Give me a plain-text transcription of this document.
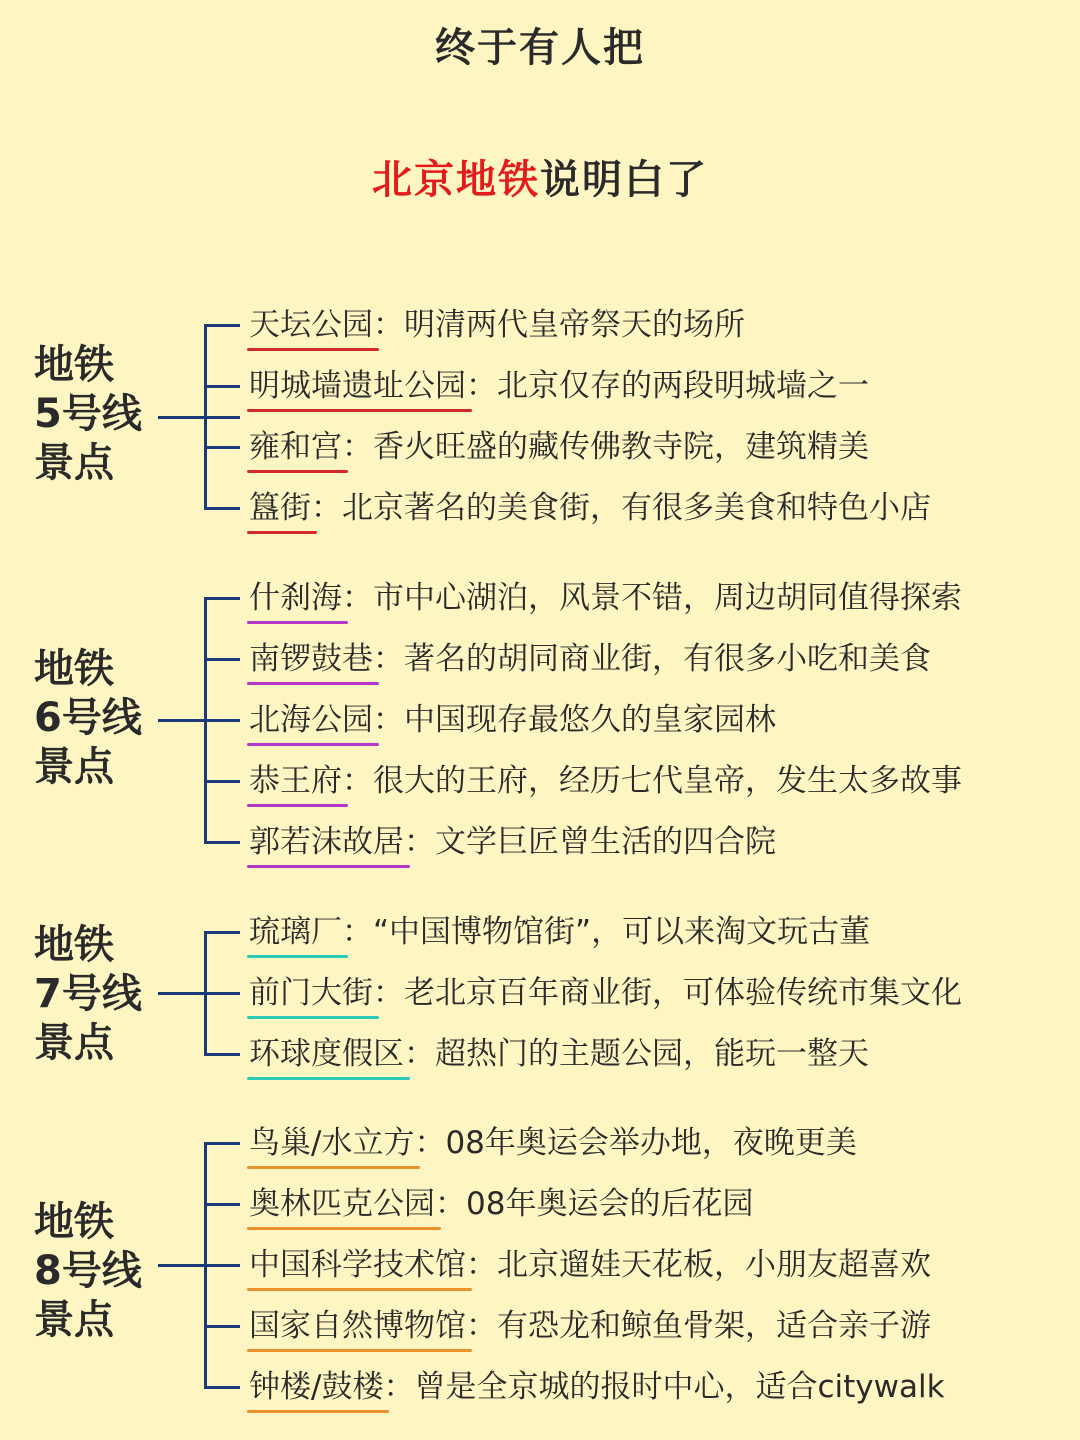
终于有人把
北京地铁说明白了
地铁
5号线
景点
天坛公园：明清两代皇帝祭天的场所
明城墙遗址公园：北京仅存的两段明城墙之一
雍和宫：香火旺盛的藏传佛教寺院，建筑精美
簋街：北京著名的美食街，有很多美食和特色小店
地铁
6号线
景点
什刹海：市中心湖泊，风景不错，周边胡同值得探索
南锣鼓巷：著名的胡同商业街，有很多小吃和美食
北海公园：中国现存最悠久的皇家园林
恭王府：很大的王府，经历七代皇帝，发生太多故事
郭若沫故居：文学巨匠曾生活的四合院
地铁
7号线
景点
琉璃厂：“中国博物馆街”，可以来淘文玩古董
前门大街：老北京百年商业街，可体验传统市集文化
环球度假区：超热门的主题公园，能玩一整天
地铁
8号线
景点
鸟巢/水立方：08年奥运会举办地，夜晚更美
奥林匹克公园：08年奥运会的后花园
中国科学技术馆：北京遛娃天花板，小朋友超喜欢
国家自然博物馆：有恐龙和鲸鱼骨架，适合亲子游
钟楼/鼓楼：曾是全京城的报时中心，适合citywalk
